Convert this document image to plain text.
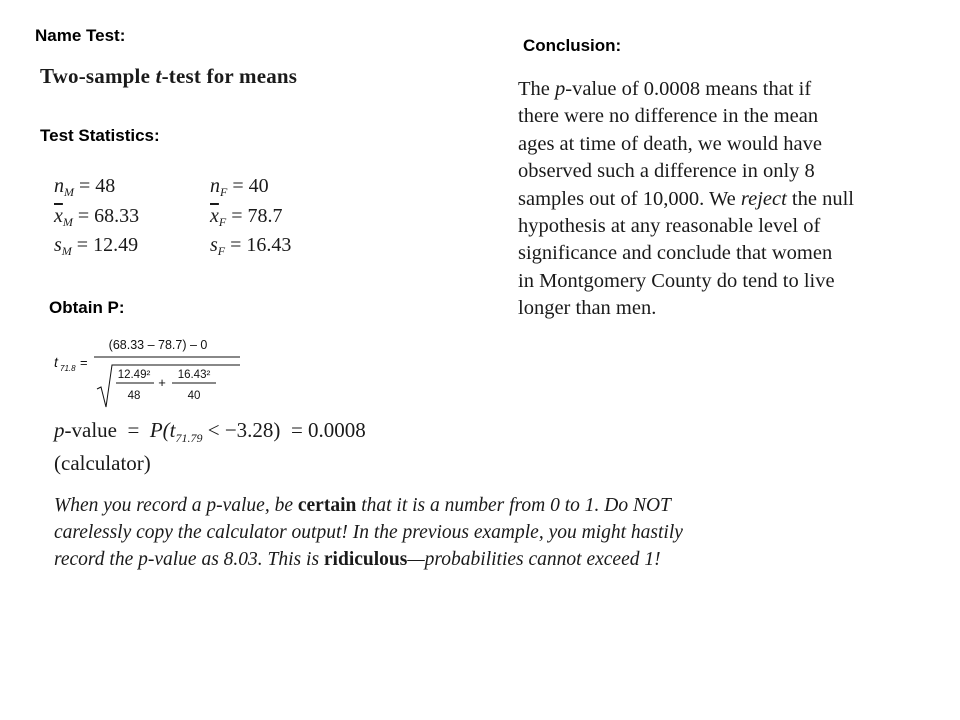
Name Test:
Conclusion:
Test Statistics:
Obtain P:
Two-sample t-test for means
$n_M = 48$
$\overline{x}_M = 68.33$
$s_M = 12.49$
$n_F = 40$
$\overline{x}_F = 78.7$
$s_F = 16.43$
t 71.8 =
(68.33 – 78.7) – 0
12.49²
48
+ 16.43²
40
p-value = $P(t_{71.79} < -3.28) = 0.0008$
(calculator)
The p-value of 0.0008 means that if
there were no difference in the mean
ages at time of death, we would have
observed such a difference in only 8
samples out of 10,000. We reject the null
hypothesis at any reasonable level of
significance and conclude that women
in Montgomery County do tend to live
longer than men.
When you record a p-value, be certain that it is a number from 0 to 1. Do NOT
carelessly copy the calculator output! In the previous example, you might hastily
record the p-value as 8.03. This is ridiculous—probabilities cannot exceed 1!
